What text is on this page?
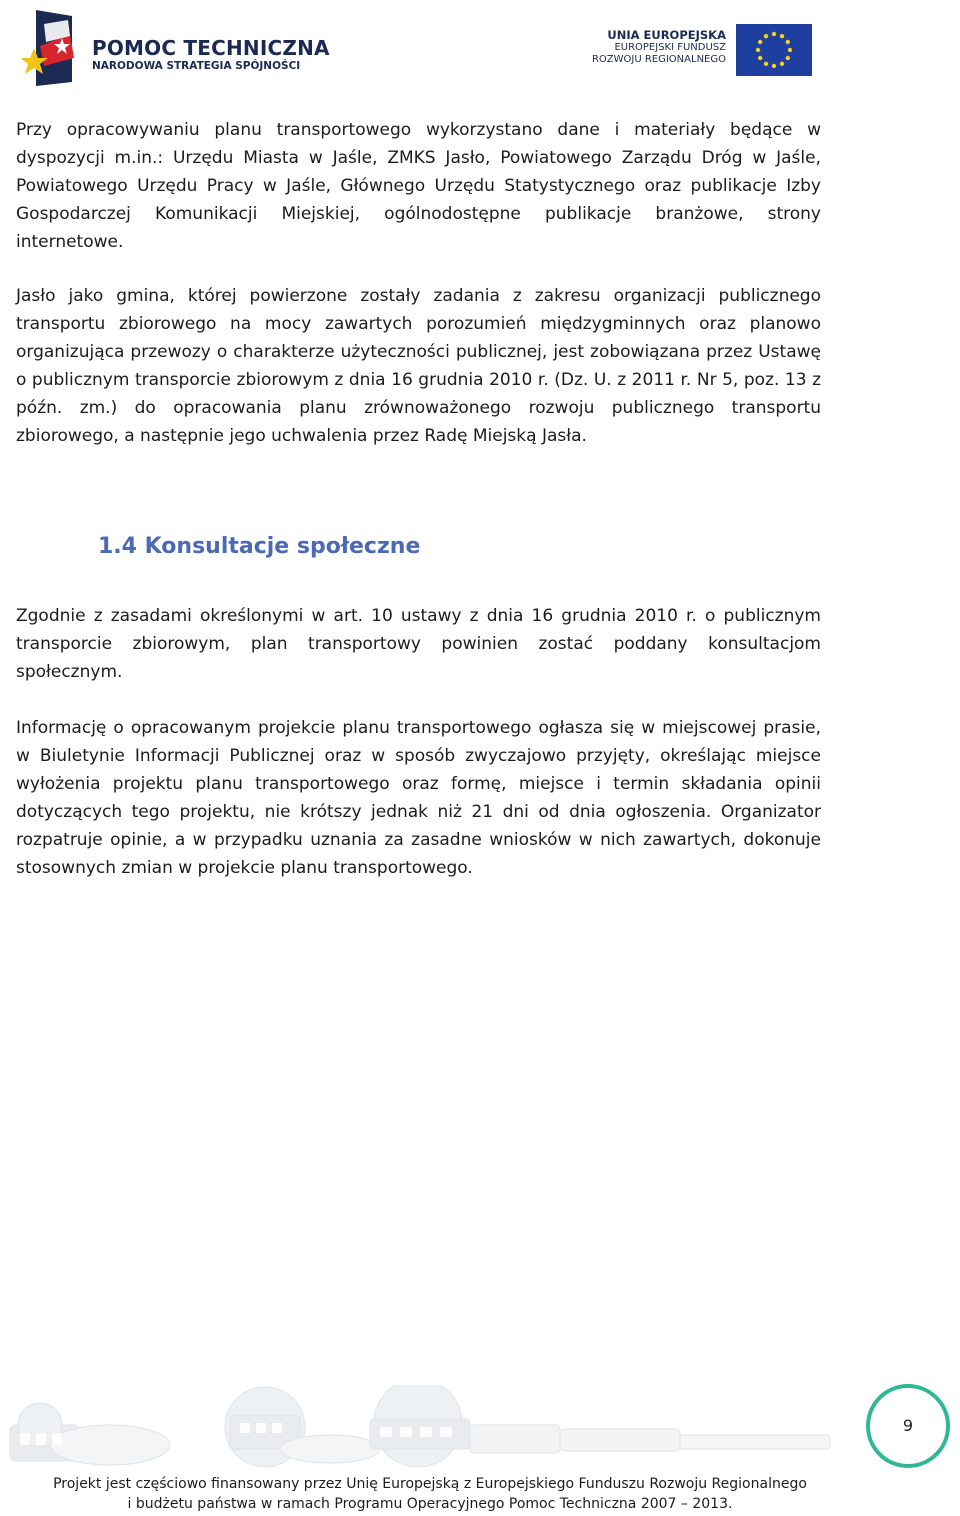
POMOC TECHNICZNA
NARODOWA STRATEGIA SPÓJNOŚCI
UNIA EUROPEJSKA
EUROPEJSKI FUNDUSZ
ROZWOJU REGIONALNEGO

Przy opracowywaniu planu transportowego wykorzystano dane i materiały będące w dyspozycji m.in.: Urzędu Miasta w Jaśle, ZMKS Jasło, Powiatowego Zarządu Dróg w Jaśle, Powiatowego Urzędu Pracy w Jaśle, Głównego Urzędu Statystycznego oraz publikacje Izby Gospodarczej Komunikacji Miejskiej, ogólnodostępne publikacje branżowe, strony internetowe.

Jasło jako gmina, której powierzone zostały zadania z zakresu organizacji publicznego transportu zbiorowego na mocy zawartych porozumień międzygminnych oraz planowo organizująca przewozy o charakterze użyteczności publicznej, jest zobowiązana przez Ustawę o publicznym transporcie zbiorowym z dnia 16 grudnia 2010 r. (Dz. U. z 2011 r. Nr 5, poz. 13 z późn. zm.) do opracowania planu zrównoważonego rozwoju publicznego transportu zbiorowego, a następnie jego uchwalenia przez Radę Miejską Jasła.

1.4 Konsultacje społeczne

Zgodnie z zasadami określonymi w art. 10 ustawy z dnia 16 grudnia 2010 r. o publicznym transporcie zbiorowym, plan transportowy powinien zostać poddany konsultacjom społecznym.

Informację o opracowanym projekcie planu transportowego ogłasza się w miejscowej prasie, w Biuletynie Informacji Publicznej oraz w sposób zwyczajowo przyjęty, określając miejsce wyłożenia projektu planu transportowego oraz formę, miejsce i termin składania opinii dotyczących tego projektu, nie krótszy jednak niż 21 dni od dnia ogłoszenia. Organizator rozpatruje opinie, a w przypadku uznania za zasadne wniosków w nich zawartych, dokonuje stosownych zmian w projekcie planu transportowego.

9
Projekt jest częściowo finansowany przez Unię Europejską z Europejskiego Funduszu Rozwoju Regionalnego
i budżetu państwa w ramach Programu Operacyjnego Pomoc Techniczna 2007 – 2013.
